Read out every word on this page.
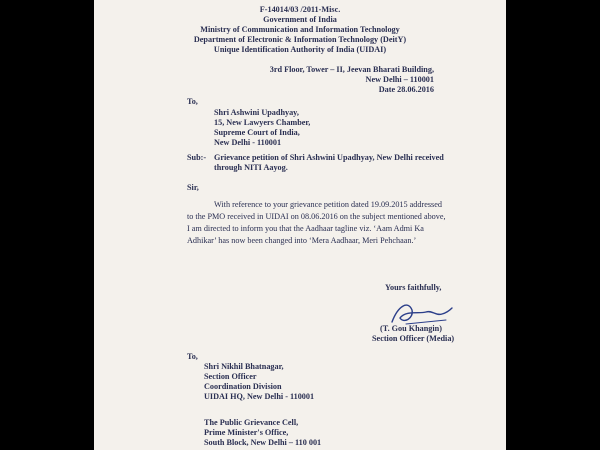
F-14014/03 /2011-Misc.
Government of India
Ministry of Communication and Information Technology
Department of Electronic & Information Technology (DeitY)
Unique Identification Authority of India (UIDAI)
3rd Floor, Tower – II, Jeevan Bharati Building,
New Delhi – 110001
Date 28.06.2016
To,
Shri Ashwini Upadhyay,
15, New Lawyers Chamber,
Supreme Court of India,
New Delhi - 110001
Sub:- Grievance petition of Shri Ashwini Upadhyay, New Delhi received
through NITI Aayog.
Sir,
With reference to your grievance petition dated 19.09.2015 addressed
to the PMO received in UIDAI on 08.06.2016 on the subject mentioned above,
I am directed to inform you that the Aadhaar tagline viz. ‘Aam Admi Ka
Adhikar’ has now been changed into ‘Mera Aadhaar, Meri Pehchaan.’
Yours faithfully,
(T. Gou Khangin)
Section Officer (Media)
To,
Shri Nikhil Bhatnagar,
Section Officer
Coordination Division
UIDAI HQ, New Delhi - 110001
The Public Grievance Cell,
Prime Minister's Office,
South Block, New Delhi – 110 001
